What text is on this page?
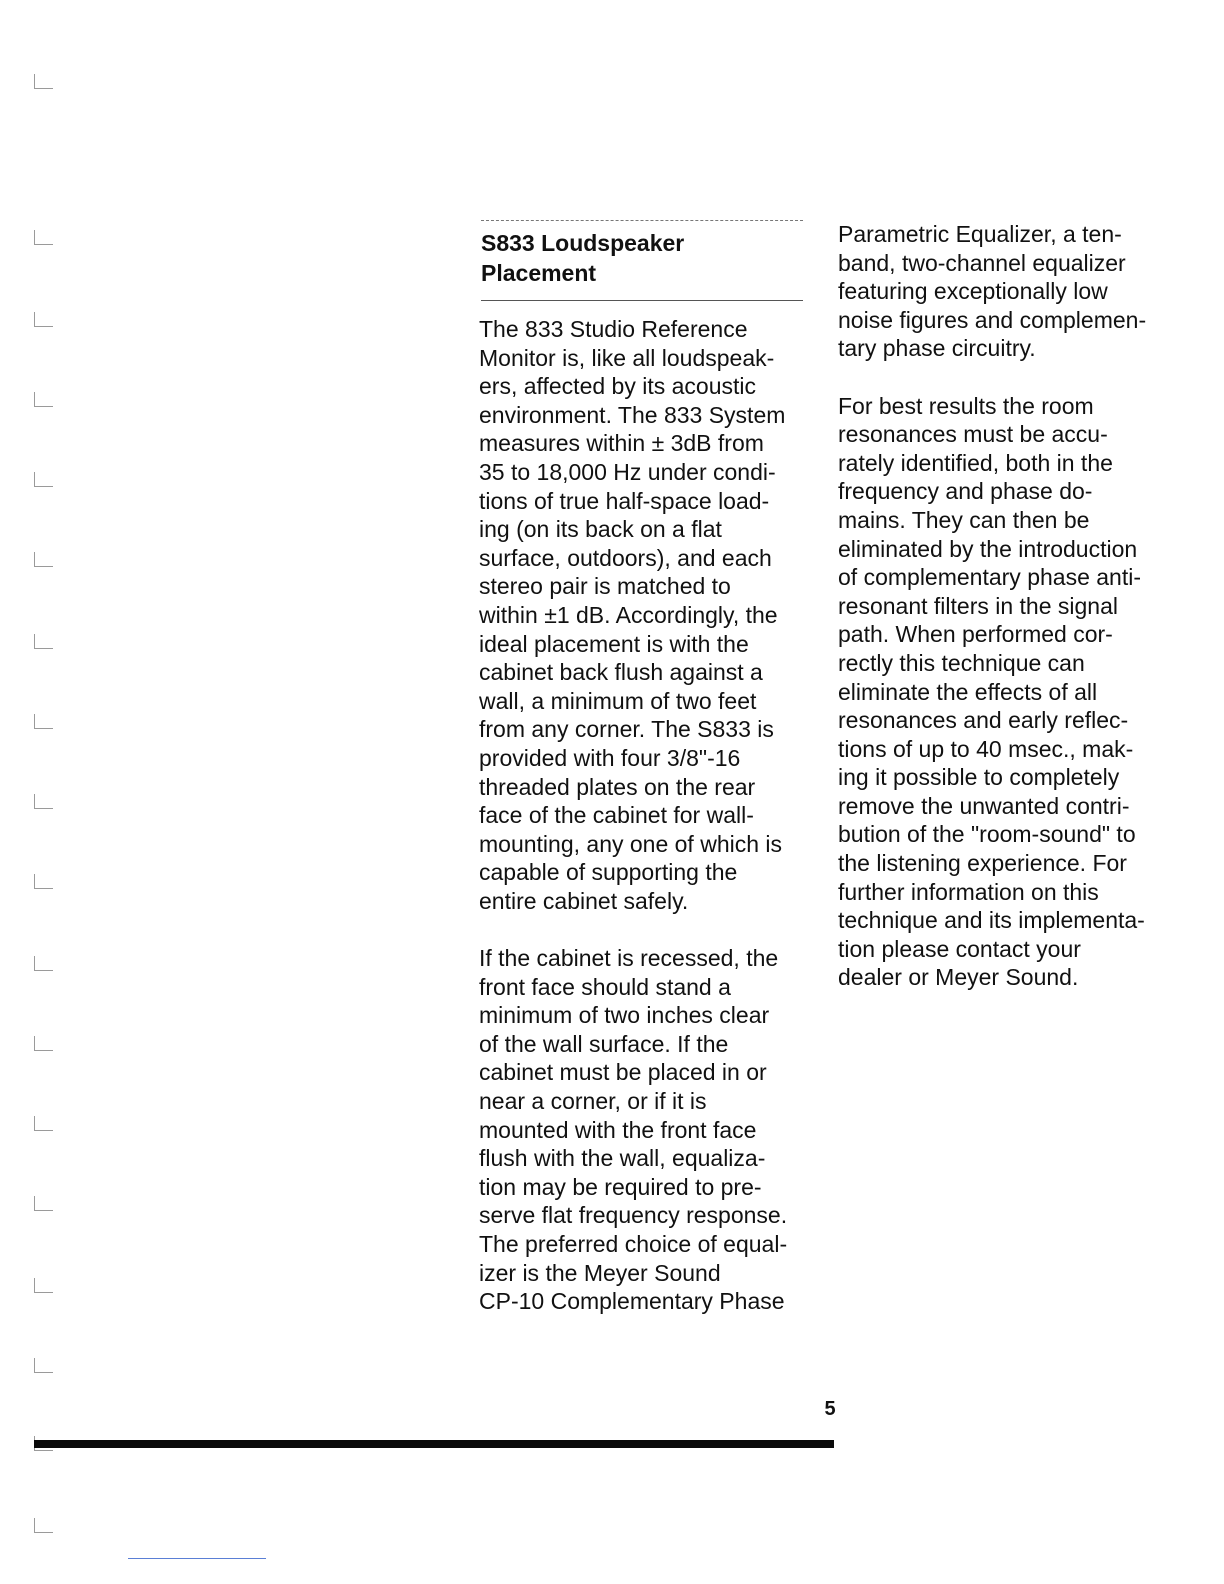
S833 Loudspeaker
Placement

The 833 Studio Reference
Monitor is, like all loudspeak-
ers, affected by its acoustic
environment. The 833 System
measures within ± 3dB from
35 to 18,000 Hz under condi-
tions of true half-space load-
ing (on its back on a flat
surface, outdoors), and each
stereo pair is matched to
within ±1 dB. Accordingly, the
ideal placement is with the
cabinet back flush against a
wall, a minimum of two feet
from any corner. The S833 is
provided with four 3/8"-16
threaded plates on the rear
face of the cabinet for wall-
mounting, any one of which is
capable of supporting the
entire cabinet safely.

If the cabinet is recessed, the
front face should stand a
minimum of two inches clear
of the wall surface. If the
cabinet must be placed in or
near a corner, or if it is
mounted with the front face
flush with the wall, equaliza-
tion may be required to pre-
serve flat frequency response.
The preferred choice of equal-
izer is the Meyer Sound
CP-10 Complementary Phase

Parametric Equalizer, a ten-
band, two-channel equalizer
featuring exceptionally low
noise figures and complemen-
tary phase circuitry.

For best results the room
resonances must be accu-
rately identified, both in the
frequency and phase do-
mains. They can then be
eliminated by the introduction
of complementary phase anti-
resonant filters in the signal
path. When performed cor-
rectly this technique can
eliminate the effects of all
resonances and early reflec-
tions of up to 40 msec., mak-
ing it possible to completely
remove the unwanted contri-
bution of the "room-sound" to
the listening experience. For
further information on this
technique and its implementa-
tion please contact your
dealer or Meyer Sound.

5
